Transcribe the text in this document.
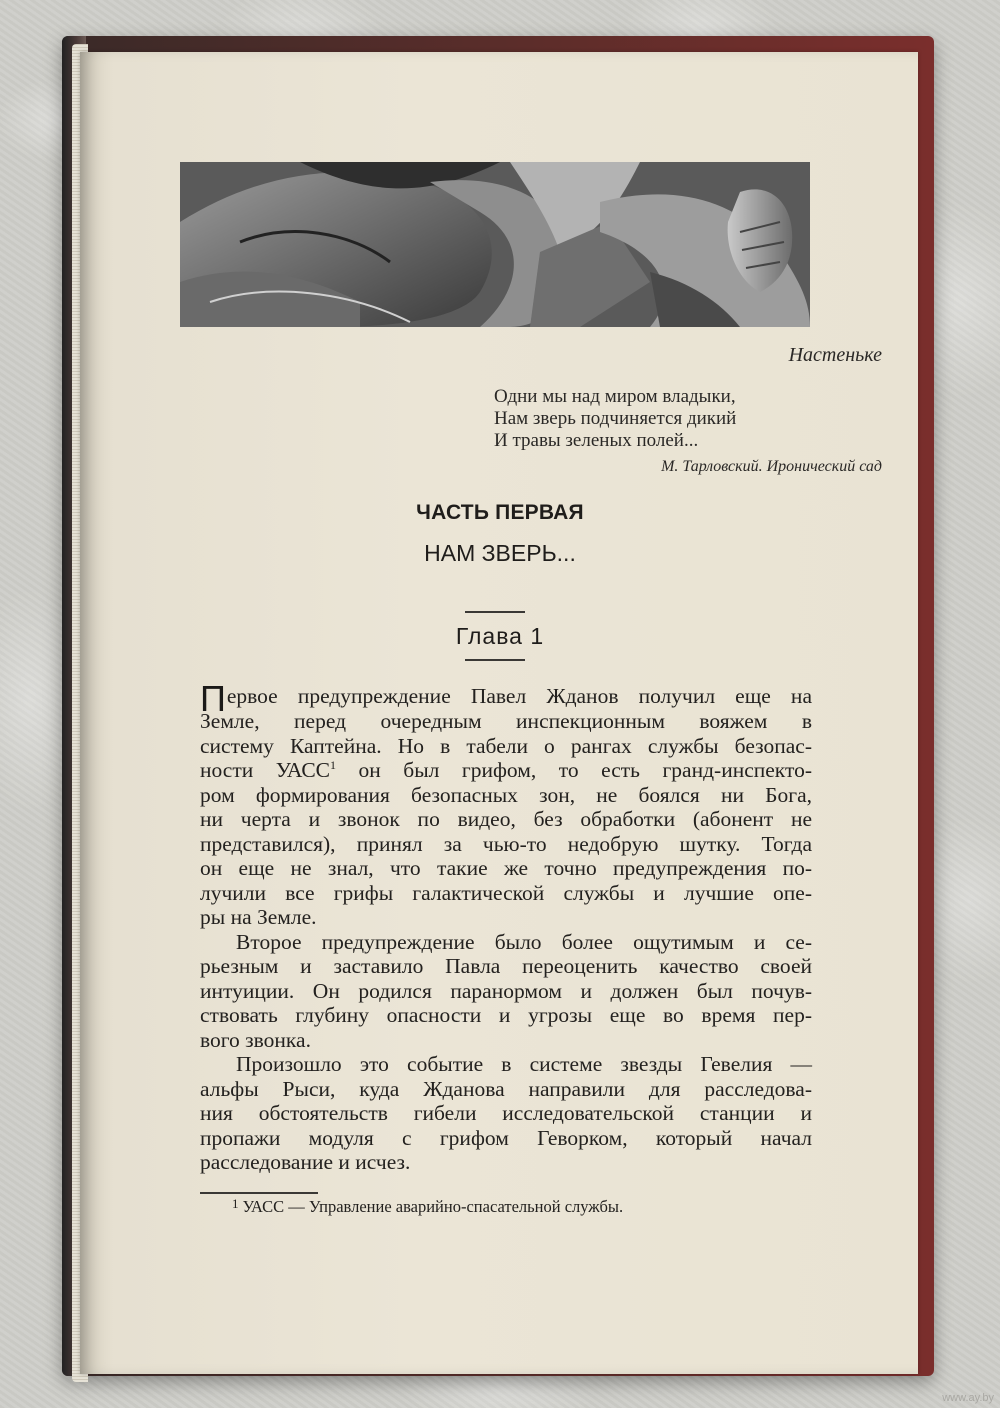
Настеньке
Одни мы над миром владыки,
Нам зверь подчиняется дикий
И травы зеленых полей...
М. Тарловский. Иронический сад
ЧАСТЬ ПЕРВАЯ
НАМ ЗВЕРЬ...
Глава 1
Первое предупреждение Павел Жданов получил еще на
Земле, перед очередным инспекционным вояжем в
систему Каптейна. Но в табели о рангах службы безопас-
ности УАСС$^1$ он был грифом, то есть гранд-инспекто-
ром формирования безопасных зон, не боялся ни Бога,
ни черта и звонок по видео, без обработки (абонент не
представился), принял за чью-то недобрую шутку. Тогда
он еще не знал, что такие же точно предупреждения по-
лучили все грифы галактической службы и лучшие опе-
ры на Земле.
Второе предупреждение было более ощутимым и се-
рьезным и заставило Павла переоценить качество своей
интуиции. Он родился паранормом и должен был почув-
ствовать глубину опасности и угрозы еще во время пер-
вого звонка.
Произошло это событие в системе звезды Гевелия —
альфы Рыси, куда Жданова направили для расследова-
ния обстоятельств гибели исследовательской станции и
пропажи модуля с грифом Геворком, который начал
расследование и исчез.
$^1$ УАСС — Управление аварийно-спасательной службы.
www.ay.by
